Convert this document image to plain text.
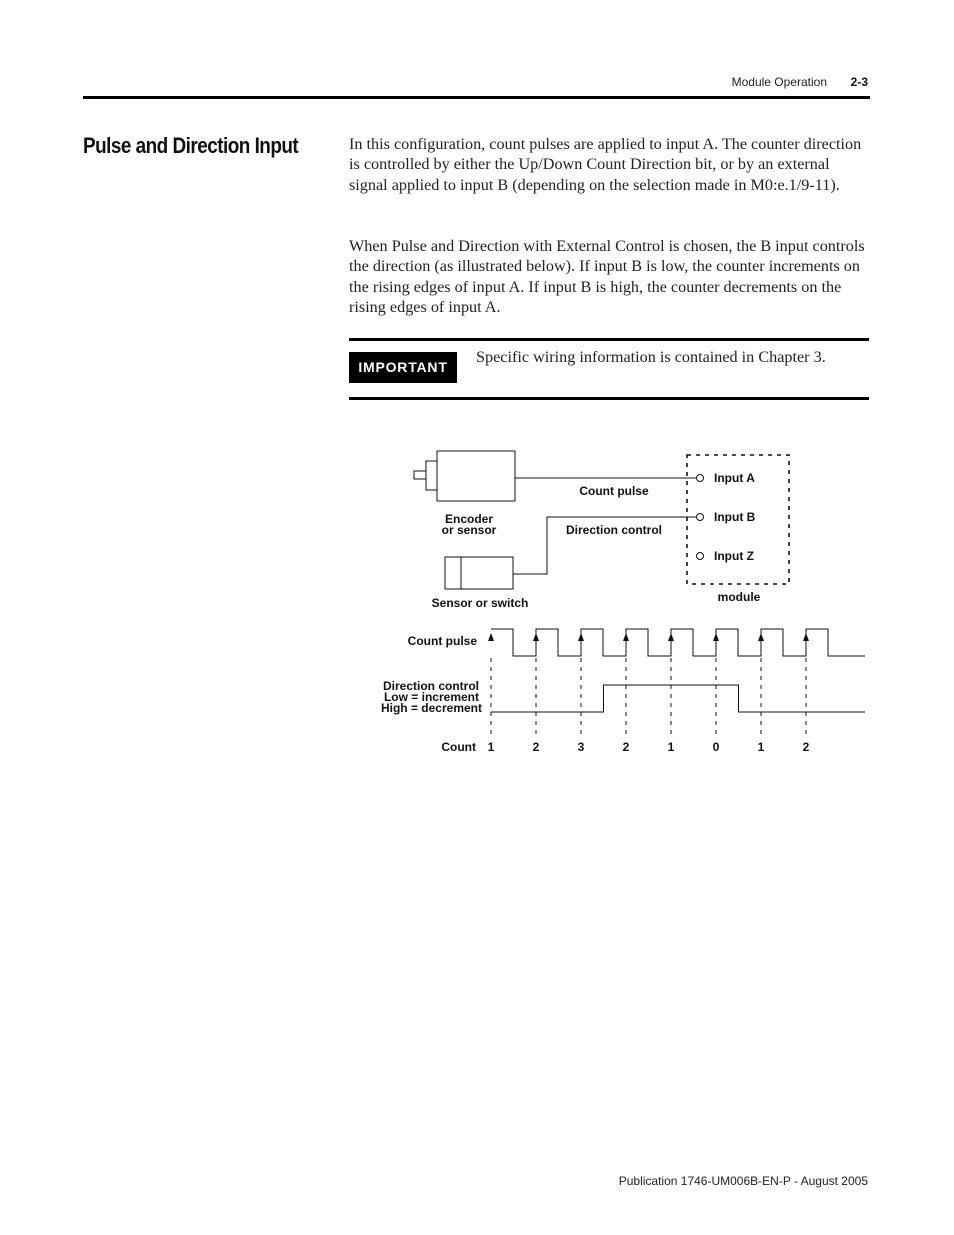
Module Operation 2-3
Pulse and Direction Input	In this configuration, count pulses are applied to input A. The counter direction is controlled by either the Up/Down Count Direction bit, or by an external signal applied to input B (depending on the selection made in M0:e.1/9-11).

When Pulse and Direction with External Control is chosen, the B input controls the direction (as illustrated below). If input B is low, the counter increments on the rising edges of input A. If input B is high, the counter decrements on the rising edges of input A.

IMPORTANT
Specific wiring information is contained in Chapter 3.
Encoder
or sensor
Sensor or switch
Count pulse
Direction control
Input A
Input B
Input Z
module
Count pulse
Direction control
Low = increment
High = decrement
Count 1	2	3	2	1	0	1	2
Publication 1746-UM006B-EN-P - August 2005
